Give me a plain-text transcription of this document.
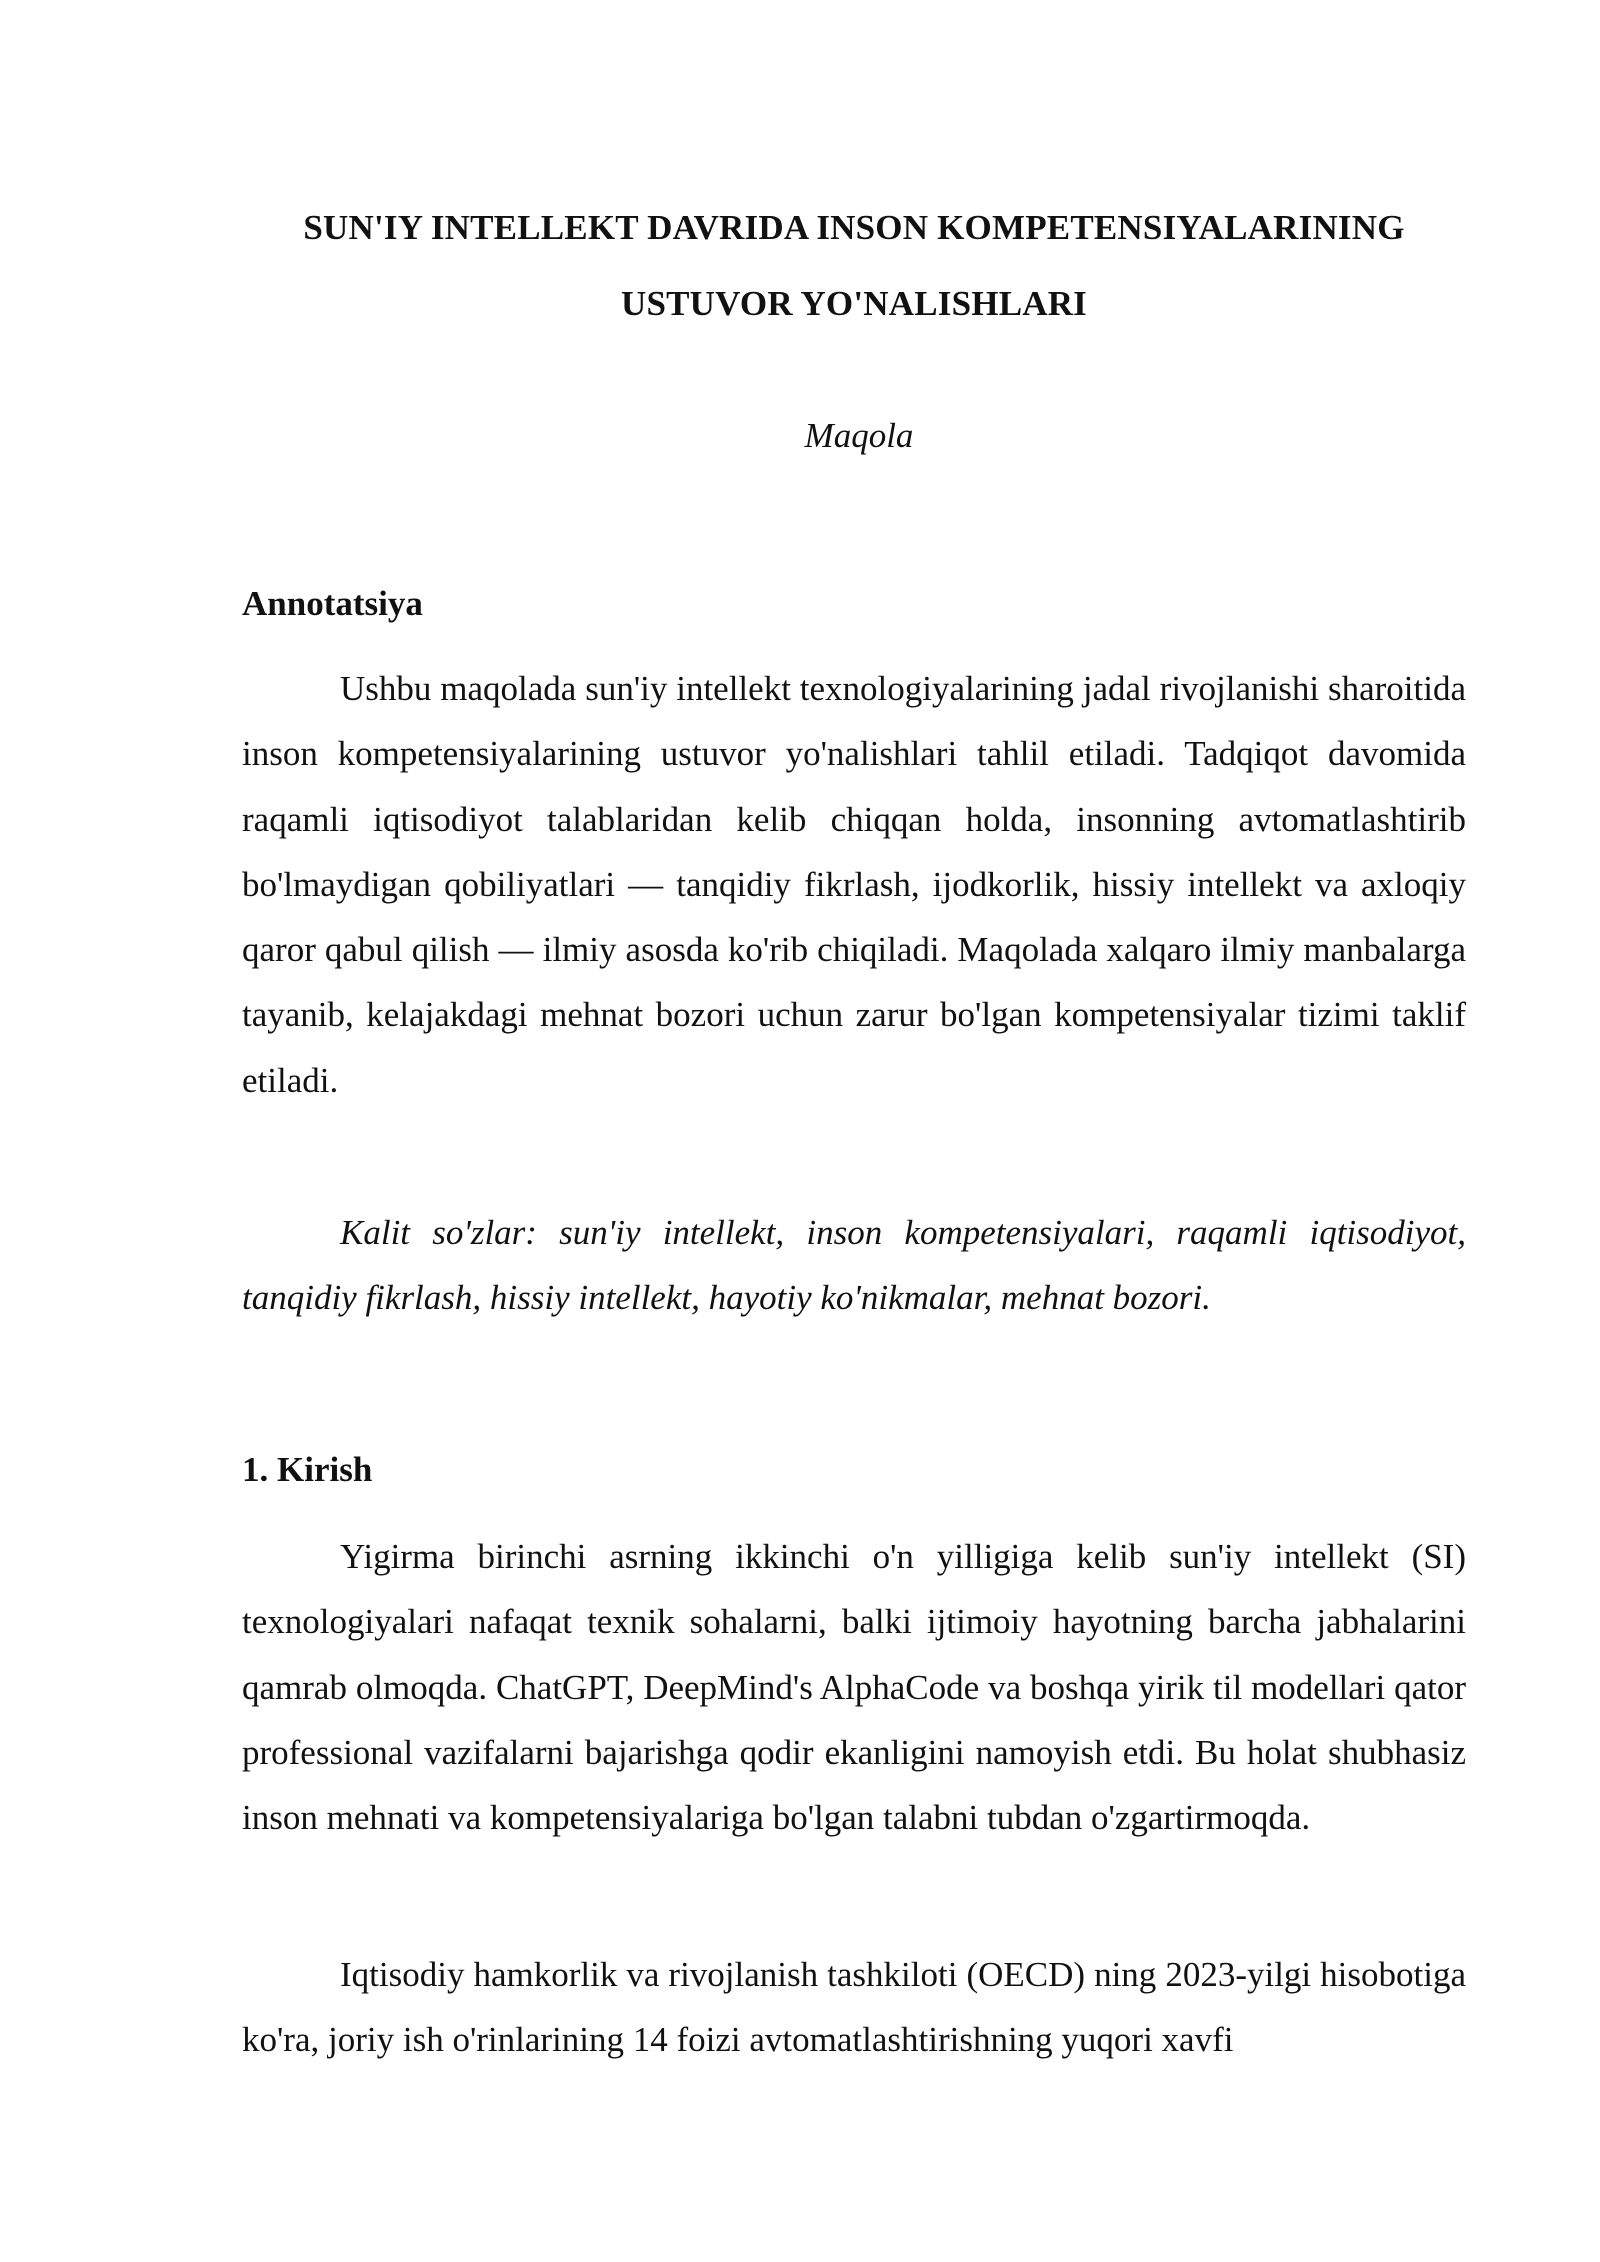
SUN'IY INTELLEKT DAVRIDA INSON KOMPETENSIYALARINING

USTUVOR YO'NALISHLARI

Maqola

Annotatsiya

Ushbu maqolada sun'iy intellekt texnologiyalarining jadal rivojlanishi sharoitida inson kompetensiyalarining ustuvor yo'nalishlari tahlil etiladi. Tadqiqot davomida raqamli iqtisodiyot talablaridan kelib chiqqan holda, insonning avtomatlashtirib bo'lmaydigan qobiliyatlari — tanqidiy fikrlash, ijodkorlik, hissiy intellekt va axloqiy qaror qabul qilish — ilmiy asosda ko'rib chiqiladi. Maqolada xalqaro ilmiy manbalarga tayanib, kelajakdagi mehnat bozori uchun zarur bo'lgan kompetensiyalar tizimi taklif etiladi.

Kalit so'zlar: sun'iy intellekt, inson kompetensiyalari, raqamli iqtisodiyot, tanqidiy fikrlash, hissiy intellekt, hayotiy ko'nikmalar, mehnat bozori.

1. Kirish

Yigirma birinchi asrning ikkinchi o'n yilligiga kelib sun'iy intellekt (SI) texnologiyalari nafaqat texnik sohalarni, balki ijtimoiy hayotning barcha jabhalarini qamrab olmoqda. ChatGPT, DeepMind's AlphaCode va boshqa yirik til modellari qator professional vazifalarni bajarishga qodir ekanligini namoyish etdi. Bu holat shubhasiz inson mehnati va kompetensiyalariga bo'lgan talabni tubdan o'zgartirmoqda.

Iqtisodiy hamkorlik va rivojlanish tashkiloti (OECD) ning 2023-yilgi hisobotiga ko'ra, joriy ish o'rinlarining 14 foizi avtomatlashtirishning yuqori xavfi
